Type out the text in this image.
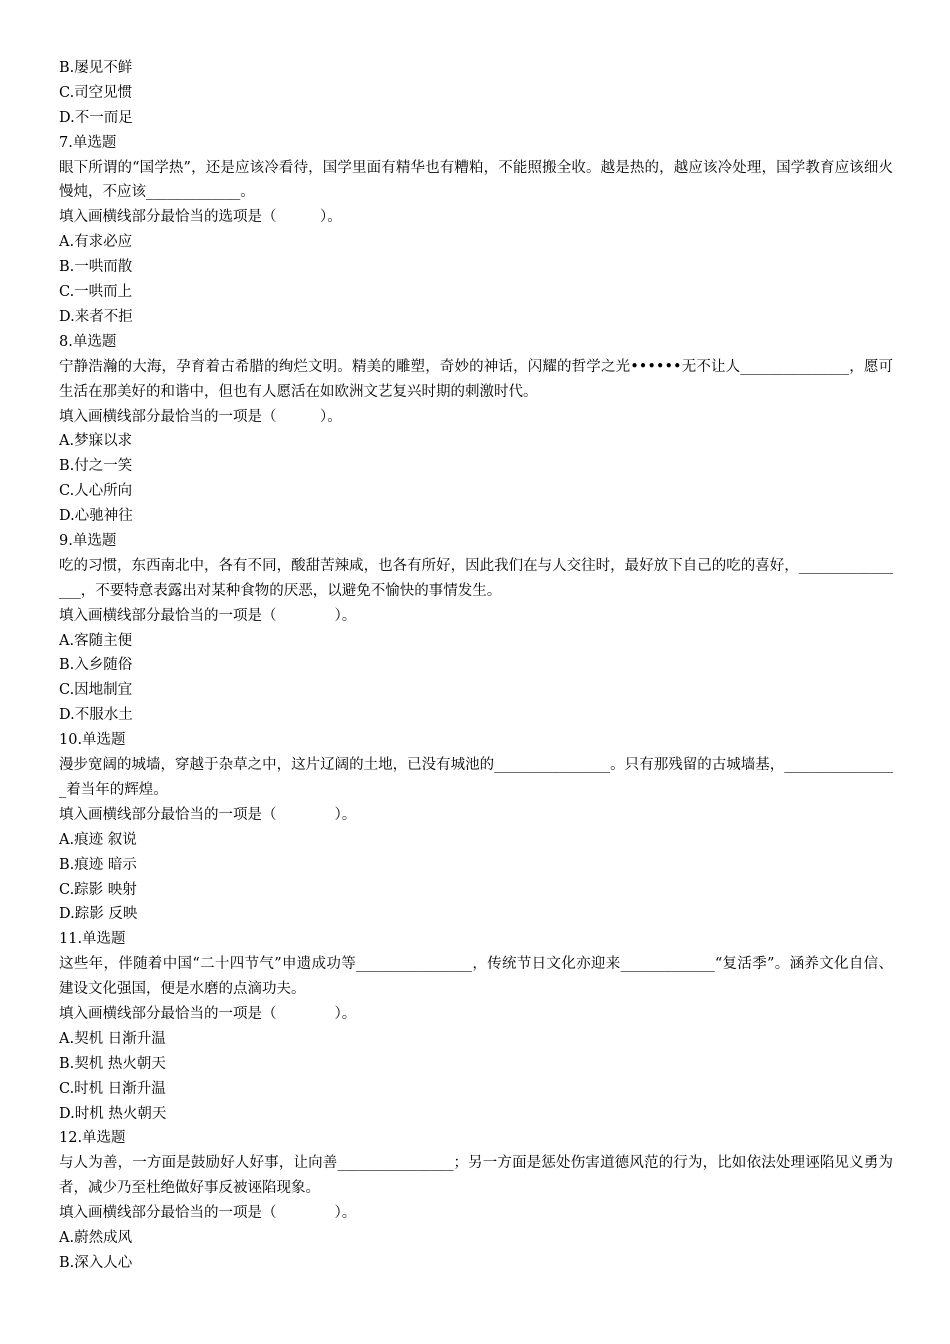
B.屡见不鲜
C.司空见惯
D.不一而足
7.单选题
眼下所谓的“国学热”，还是应该冷看待，国学里面有精华也有糟粕，不能照搬全收。越是热的，越应该冷处理，国学教育应该细火慢炖，不应该_____________。
填入画横线部分最恰当的选项是（　　　）。
A.有求必应
B.一哄而散
C.一哄而上
D.来者不拒
8.单选题
宁静浩瀚的大海，孕育着古希腊的绚烂文明。精美的雕塑，奇妙的神话，闪耀的哲学之光••••••无不让人_______________，愿可生活在那美好的和谐中，但也有人愿活在如欧洲文艺复兴时期的刺激时代。
填入画横线部分最恰当的一项是（　　　）。
A.梦寐以求
B.付之一笑
C.人心所向
D.心驰神往
9.单选题
吃的习惯，东西南北中，各有不同，酸甜苦辣咸，也各有所好，因此我们在与人交往时，最好放下自己的吃的喜好，________________，不要特意表露出对某种食物的厌恶，以避免不愉快的事情发生。
填入画横线部分最恰当的一项是（　　　　）。
A.客随主便
B.入乡随俗
C.因地制宜
D.不服水土
10.单选题
漫步宽阔的城墙，穿越于杂草之中，这片辽阔的土地，已没有城池的________________。只有那残留的古城墙基，________________着当年的辉煌。
填入画横线部分最恰当的一项是（　　　　）。
A.痕迹 叙说
B.痕迹 暗示
C.踪影 映射
D.踪影 反映
11.单选题
这些年，伴随着中国“二十四节气”申遗成功等________________，传统节日文化亦迎来_____________“复活季”。涵养文化自信、建设文化强国，便是水磨的点滴功夫。
填入画横线部分最恰当的一项是（　　　　）。
A.契机 日渐升温
B.契机 热火朝天
C.时机 日渐升温
D.时机 热火朝天
12.单选题
与人为善，一方面是鼓励好人好事，让向善________________；另一方面是惩处伤害道德风范的行为，比如依法处理诬陷见义勇为者，减少乃至杜绝做好事反被诬陷现象。
填入画横线部分最恰当的一项是（　　　　）。
A.蔚然成风
B.深入人心
